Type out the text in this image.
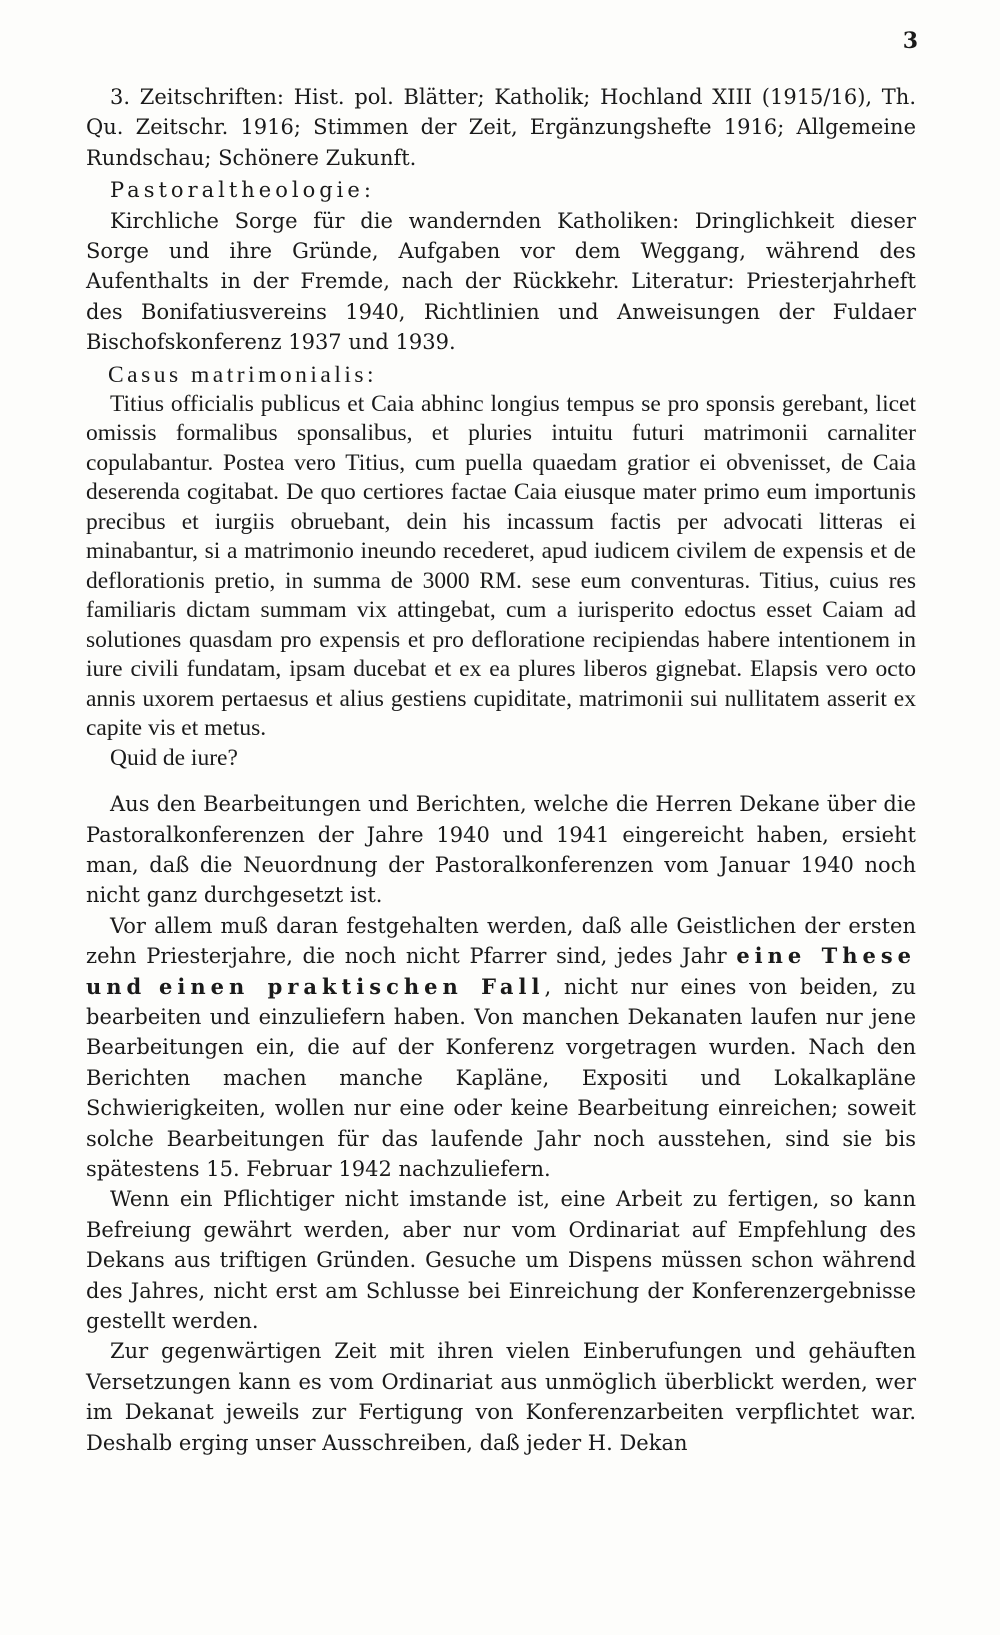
3

3. Zeitschriften: Hist. pol. Blätter; Katholik; Hochland XIII (1915/16), Th. Qu. Zeitschr. 1916; Stimmen der Zeit, Ergänzungshefte 1916; Allgemeine Rundschau; Schönere Zukunft.

Pastoraltheologie:

Kirchliche Sorge für die wandernden Katholiken: Dringlichkeit dieser Sorge und ihre Gründe, Aufgaben vor dem Weggang, während des Aufenthalts in der Fremde, nach der Rückkehr. Literatur: Priesterjahrheft des Bonifatiusvereins 1940, Richtlinien und Anweisungen der Fuldaer Bischofskonferenz 1937 und 1939.

Casus matrimonialis:

Titius officialis publicus et Caia abhinc longius tempus se pro sponsis gerebant, licet omissis formalibus sponsalibus, et pluries intuitu futuri matrimonii carnaliter copulabantur. Postea vero Titius, cum puella quaedam gratior ei obvenisset, de Caia deserenda cogitabat. De quo certiores factae Caia eiusque mater primo eum importunis precibus et iurgiis obruebant, dein his incassum factis per advocati litteras ei minabantur, si a matrimonio ineundo recederet, apud iudicem civilem de expensis et de deflorationis pretio, in summa de 3000 RM. sese eum conventuras. Titius, cuius res familiaris dictam summam vix attingebat, cum a iurisperito edoctus esset Caiam ad solutiones quasdam pro expensis et pro defloratione recipiendas habere intentionem in iure civili fundatam, ipsam ducebat et ex ea plures liberos gignebat. Elapsis vero octo annis uxorem pertaesus et alius gestiens cupiditate, matrimonii sui nullitatem asserit ex capite vis et metus.

Quid de iure?

Aus den Bearbeitungen und Berichten, welche die Herren Dekane über die Pastoralkonferenzen der Jahre 1940 und 1941 eingereicht haben, ersieht man, daß die Neuordnung der Pastoralkonferenzen vom Januar 1940 noch nicht ganz durchgesetzt ist.

Vor allem muß daran festgehalten werden, daß alle Geistlichen der ersten zehn Priesterjahre, die noch nicht Pfarrer sind, jedes Jahr eine These und einen praktischen Fall, nicht nur eines von beiden, zu bearbeiten und einzuliefern haben. Von manchen Dekanaten laufen nur jene Bearbeitungen ein, die auf der Konferenz vorgetragen wurden. Nach den Berichten machen manche Kapläne, Expositi und Lokalkapläne Schwierigkeiten, wollen nur eine oder keine Bearbeitung einreichen; soweit solche Bearbeitungen für das laufende Jahr noch ausstehen, sind sie bis spätestens 15. Februar 1942 nachzuliefern.

Wenn ein Pflichtiger nicht imstande ist, eine Arbeit zu fertigen, so kann Befreiung gewährt werden, aber nur vom Ordinariat auf Empfehlung des Dekans aus triftigen Gründen. Gesuche um Dispens müssen schon während des Jahres, nicht erst am Schlusse bei Einreichung der Konferenzergebnisse gestellt werden.

Zur gegenwärtigen Zeit mit ihren vielen Einberufungen und gehäuften Versetzungen kann es vom Ordinariat aus unmöglich überblickt werden, wer im Dekanat jeweils zur Fertigung von Konferenzarbeiten verpflichtet war. Deshalb erging unser Ausschreiben, daß jeder H. Dekan
